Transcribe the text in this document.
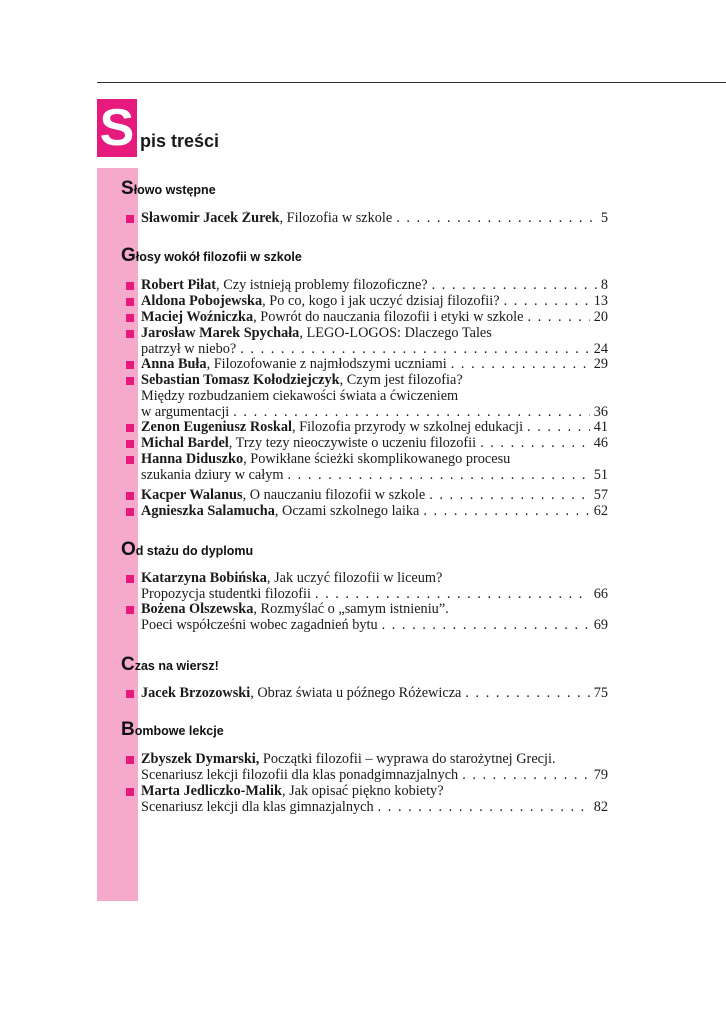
S pis treści
Słowo wstępne
Sławomir Jacek Żurek, Filozofia w szkole . . .	5
Głosy wokół filozofii w szkole
Robert Piłat, Czy istnieją problemy filozoficzne? . . .	8
Aldona Pobojewska, Po co, kogo i jak uczyć dzisiaj filozofii? . . .	13
Maciej Woźniczka, Powrót do nauczania filozofii i etyki w szkole . . .	20
Jarosław Marek Spychała, LEGO-LOGOS: Dlaczego Tales
patrzył w niebo? . . .	24
Anna Buła, Filozofowanie z najmłodszymi uczniami . . .	29
Sebastian Tomasz Kołodziejczyk, Czym jest filozofia?
Między rozbudzaniem ciekawości świata a ćwiczeniem
w argumentacji . . .	36
Zenon Eugeniusz Roskal, Filozofia przyrody w szkolnej edukacji . . .	41
Michal Bardel, Trzy tezy nieoczywiste o uczeniu filozofii . . .	46
Hanna Diduszko, Powikłane ścieżki skomplikowanego procesu
szukania dziury w całym . . .	51
Kacper Walanus, O nauczaniu filozofii w szkole . . .	57
Agnieszka Salamucha, Oczami szkolnego laika . . .	62
Od stażu do dyplomu
Katarzyna Bobińska, Jak uczyć filozofii w liceum?
Propozycja studentki filozofii . . .	66
Bożena Olszewska, Rozmyślać o „samym istnieniu”.
Poeci współcześni wobec zagadnień bytu . . .	69
Czas na wiersz!
Jacek Brzozowski, Obraz świata u późnego Różewicza . . .	75
Bombowe lekcje
Zbyszek Dymarski, Początki filozofii – wyprawa do starożytnej Grecji.
Scenariusz lekcji filozofii dla klas ponadgimnazjalnych . . .	79
Marta Jedliczko-Malik, Jak opisać piękno kobiety?
Scenariusz lekcji dla klas gimnazjalnych . . .	82
